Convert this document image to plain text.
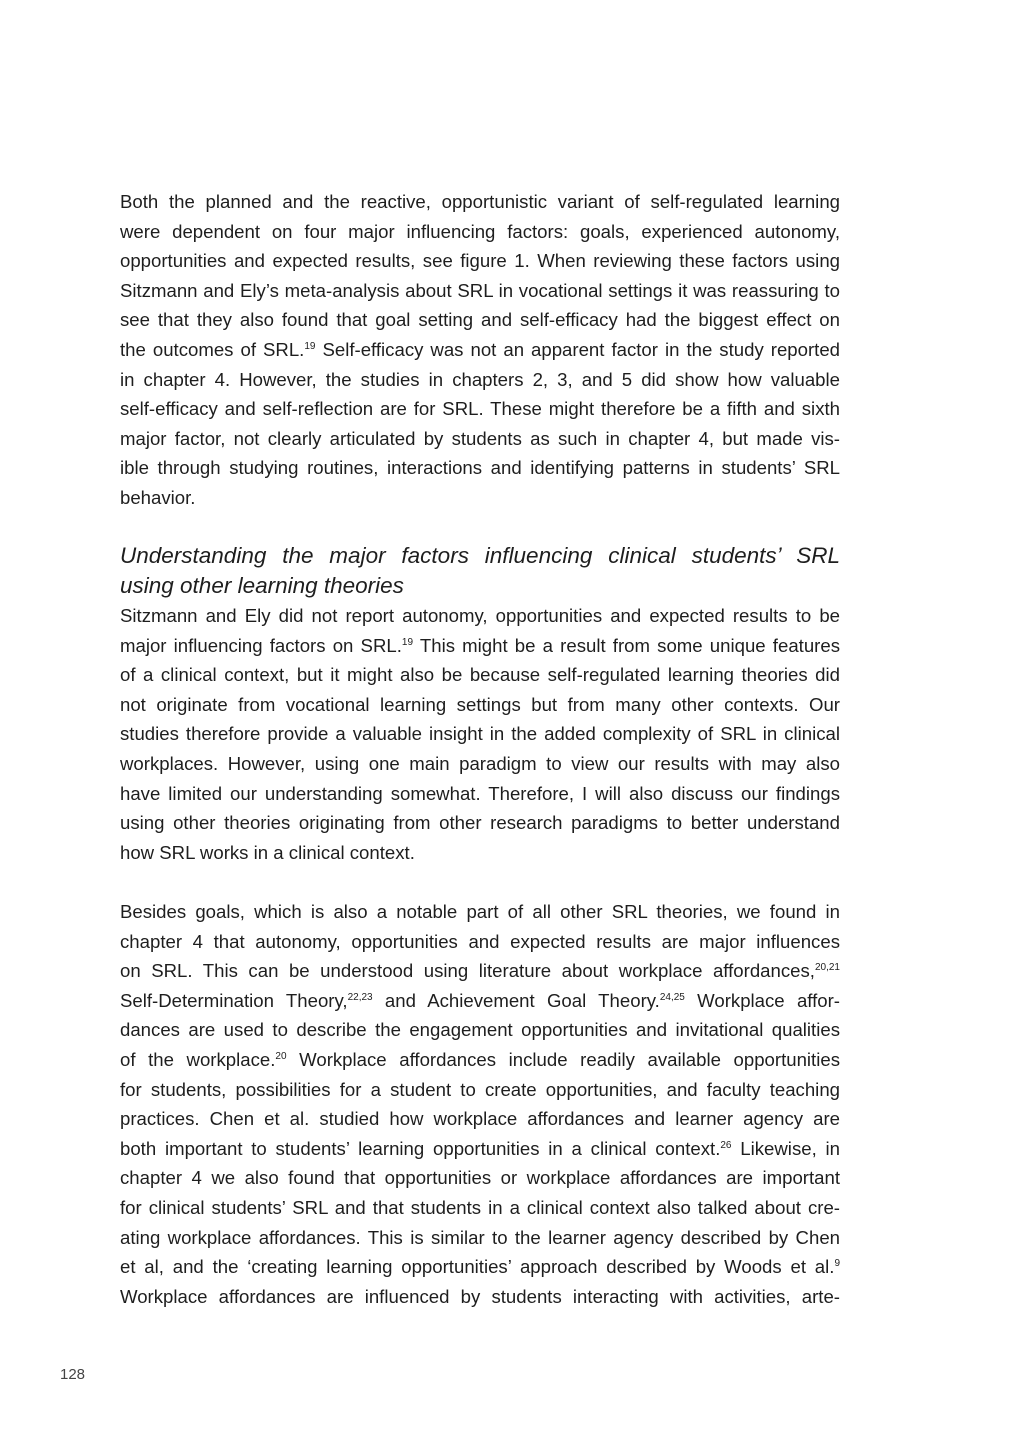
Both the planned and the reactive, opportunistic variant of self-regulated learning
were dependent on four major influencing factors: goals, experienced autonomy,
opportunities and expected results, see figure 1. When reviewing these factors using
Sitzmann and Ely’s meta-analysis about SRL in vocational settings it was reassuring to
see that they also found that goal setting and self-efficacy had the biggest effect on
the outcomes of SRL.$^{19}$ Self-efficacy was not an apparent factor in the study reported
in chapter 4. However, the studies in chapters 2, 3, and 5 did show how valuable
self-efficacy and self-reflection are for SRL. These might therefore be a fifth and sixth
major factor, not clearly articulated by students as such in chapter 4, but made vis-
ible through studying routines, interactions and identifying patterns in students’ SRL
behavior.
Understanding the major factors influencing clinical students’ SRL
using other learning theories
Sitzmann and Ely did not report autonomy, opportunities and expected results to be
major influencing factors on SRL.$^{19}$ This might be a result from some unique features
of a clinical context, but it might also be because self-regulated learning theories did
not originate from vocational learning settings but from many other contexts. Our
studies therefore provide a valuable insight in the added complexity of SRL in clinical
workplaces. However, using one main paradigm to view our results with may also
have limited our understanding somewhat. Therefore, I will also discuss our findings
using other theories originating from other research paradigms to better understand
how SRL works in a clinical context.
Besides goals, which is also a notable part of all other SRL theories, we found in
chapter 4 that autonomy, opportunities and expected results are major influences
on SRL. This can be understood using literature about workplace affordances,$^{20,21}$
Self-Determination Theory,$^{22,23}$ and Achievement Goal Theory.$^{24,25}$ Workplace affor-
dances are used to describe the engagement opportunities and invitational qualities
of the workplace.$^{20}$ Workplace affordances include readily available opportunities
for students, possibilities for a student to create opportunities, and faculty teaching
practices. Chen et al. studied how workplace affordances and learner agency are
both important to students’ learning opportunities in a clinical context.$^{26}$ Likewise, in
chapter 4 we also found that opportunities or workplace affordances are important
for clinical students’ SRL and that students in a clinical context also talked about cre-
ating workplace affordances. This is similar to the learner agency described by Chen
et al, and the ‘creating learning opportunities’ approach described by Woods et al.$^9$
Workplace affordances are influenced by students interacting with activities, arte-
128
